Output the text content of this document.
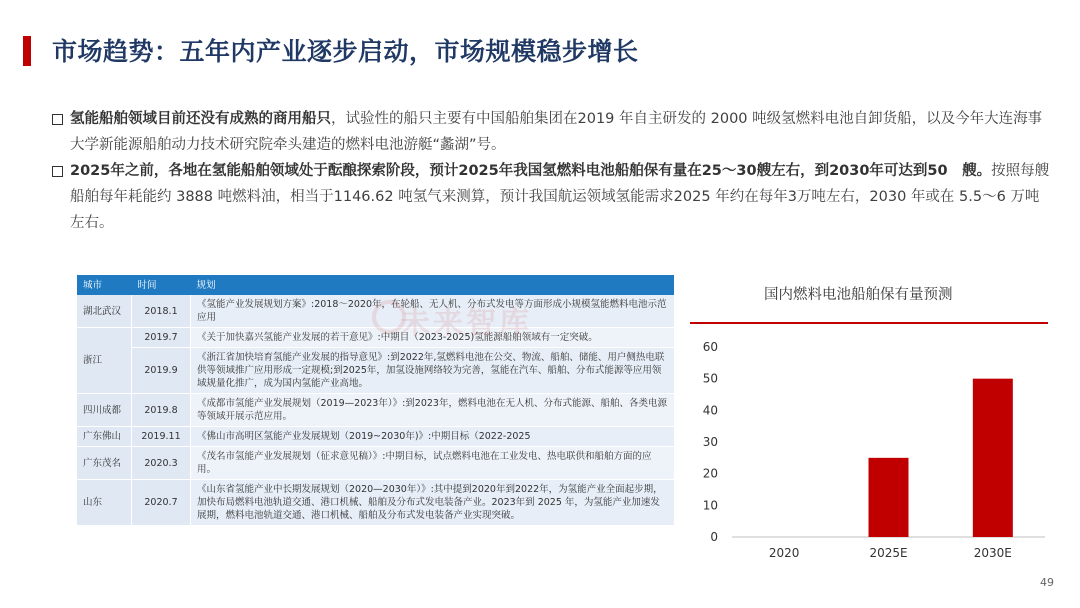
市场趋势：五年内产业逐步启动，市场规模稳步增长
氢能船舶领域目前还没有成熟的商用船只，试验性的船只主要有中国船舶集团在2019 年自主研发的 2000 吨级氢燃料电池自卸货船，以及今年大连海事大学新能源船舶动力技术研究院牵头建造的燃料电池游艇“蠡湖”号。
2025年之前，各地在氢能船舶领域处于酝酿探索阶段，预计2025年我国氢燃料电池船舶保有量在25～30艘左右，到2030年可达到50　艘。按照每艘船舶每年耗能约 3888 吨燃料油，相当于1146.62 吨氢气来测算，预计我国航运领域氢能需求2025 年约在每年3万吨左右，2030 年或在 5.5～6 万吨左右。
城市	时间	规划
湖北武汉	2018.1	《氢能产业发展规划方案》:2018～2020年，在轮船、无人机、分布式发电等方面形成小规模氢能燃料电池示范应用
浙江	2019.7	《关于加快嘉兴氢能产业发展的若干意见》:中期目（2023-2025)氢能源船舶领域有一定突破。
	2019.9	《浙江省加快培育氢能产业发展的指导意见》:到2022年,氢燃料电池在公交、物流、船舶、储能、用户侧热电联供等领域推广应用形成一定规模;到2025年，加氢设施网络较为完善，氢能在汽车、船舶、分布式能源等应用领域规量化推广，成为国内氢能产业高地。
四川成都	2019.8	《成都市氢能产业发展规划（2019—2023年）》:到2023年，燃料电池在无人机、分布式能源、船舶、各类电源等领域开展示范应用。
广东佛山	2019.11	《佛山市高明区氢能产业发展规划（2019~2030年)》:中期目标（2022-2025
广东茂名	2020.3	《茂名市氢能产业发展规划（征求意见稿）》:中期目标，试点燃料电池在工业发电、热电联供和船舶方面的应用。
山东	2020.7	《山东省氢能产业中长期发展规划（2020—2030年）》:其中提到2020年到2022年，为氢能产业全面起步期，加快布局燃料电池轨道交通、港口机械、船舶及分布式发电装备产业。2023年到 2025 年，为氢能产业加速发展期，燃料电池轨道交通、港口机械、船舶及分布式发电装备产业实现突破。
国内燃料电池船舶保有量预测
0
10
20
30
40
50
60
2020	2025E	2030E
49
